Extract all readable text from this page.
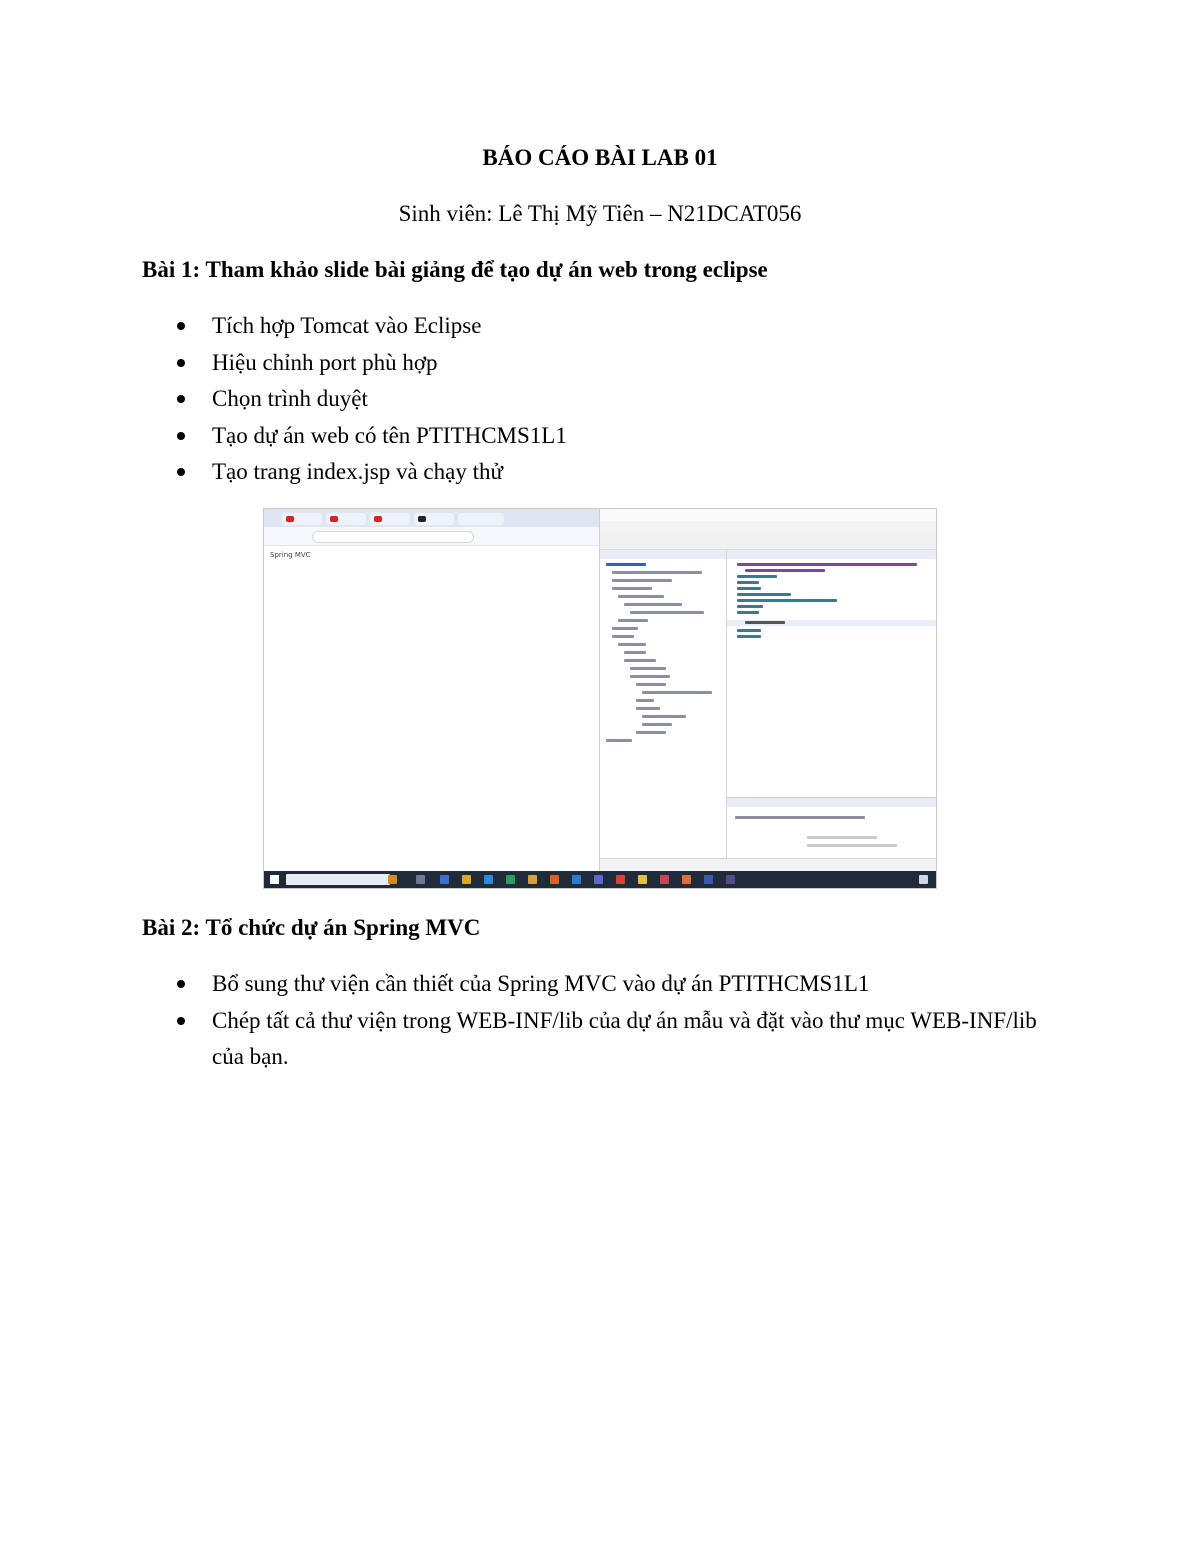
BÁO CÁO BÀI LAB 01
Sinh viên: Lê Thị Mỹ Tiên – N21DCAT056
Bài 1: Tham khảo slide bài giảng để tạo dự án web trong eclipse
Tích hợp Tomcat vào Eclipse
Hiệu chỉnh port phù hợp
Chọn trình duyệt
Tạo dự án web có tên PTITHCMS1L1
Tạo trang index.jsp và chạy thử
Spring MVC
Bài 2: Tổ chức dự án Spring MVC
Bổ sung thư viện cần thiết của Spring MVC vào dự án PTITHCMS1L1
Chép tất cả thư viện trong WEB-INF/lib của dự án mẫu và đặt vào thư mục WEB-INF/lib của bạn.
